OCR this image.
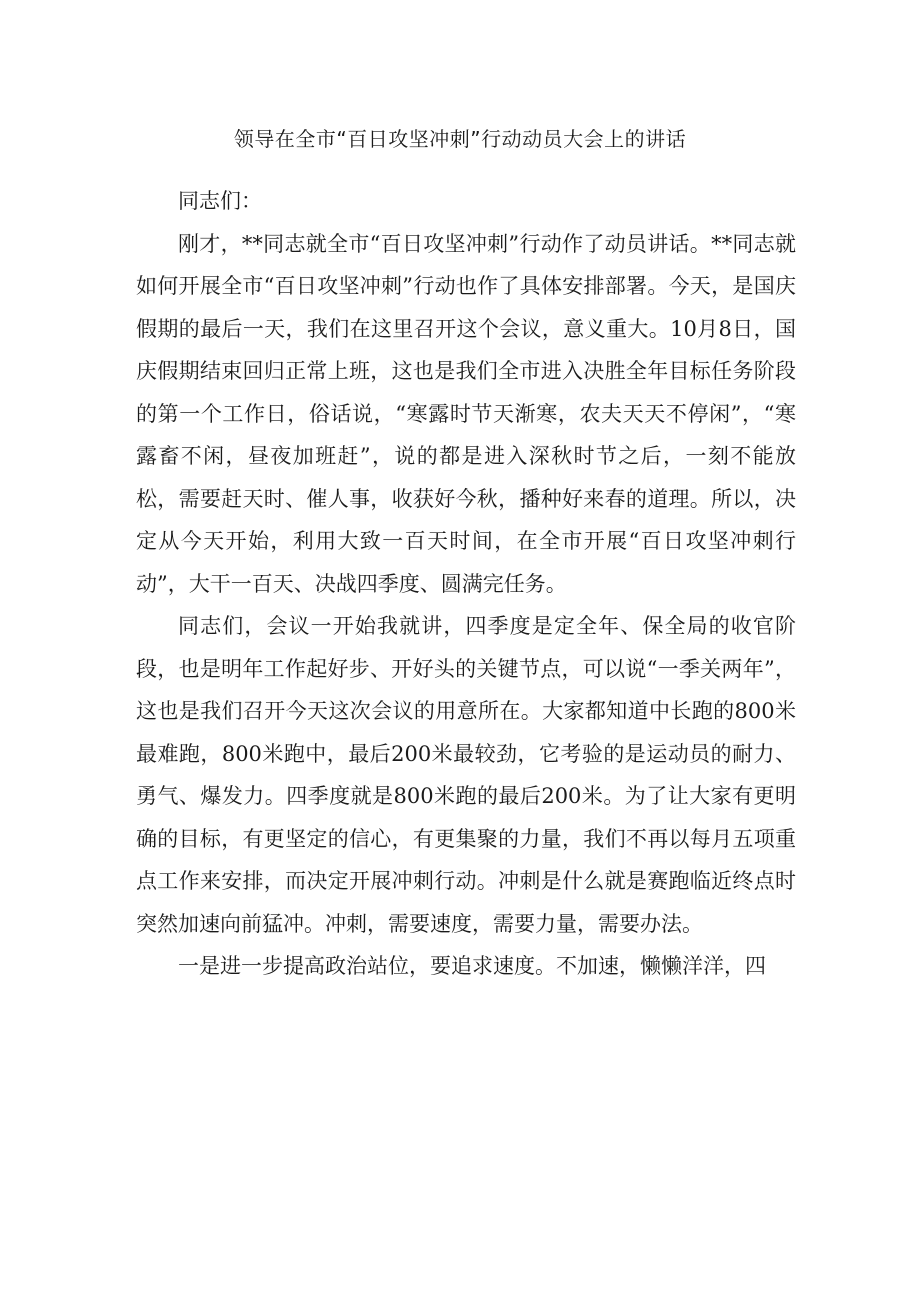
领导在全市“百日攻坚冲刺”行动动员大会上的讲话

同志们：

刚才，**同志就全市“百日攻坚冲刺”行动作了动员讲话。**同志就如何开展全市“百日攻坚冲刺”行动也作了具体安排部署。今天，是国庆假期的最后一天，我们在这里召开这个会议，意义重大。10月8日，国庆假期结束回归正常上班，这也是我们全市进入决胜全年目标任务阶段的第一个工作日，俗话说，“寒露时节天渐寒，农夫天天不停闲”，“寒露畜不闲，昼夜加班赶”，说的都是进入深秋时节之后，一刻不能放松，需要赶天时、催人事，收获好今秋，播种好来春的道理。所以，决定从今天开始，利用大致一百天时间，在全市开展“百日攻坚冲刺行动”，大干一百天、决战四季度、圆满完任务。

同志们，会议一开始我就讲，四季度是定全年、保全局的收官阶段，也是明年工作起好步、开好头的关键节点，可以说“一季关两年”，这也是我们召开今天这次会议的用意所在。大家都知道中长跑的800米最难跑，800米跑中，最后200米最较劲，它考验的是运动员的耐力、勇气、爆发力。四季度就是800米跑的最后200米。为了让大家有更明确的目标，有更坚定的信心，有更集聚的力量，我们不再以每月五项重点工作来安排，而决定开展冲刺行动。冲刺是什么就是赛跑临近终点时突然加速向前猛冲。冲刺，需要速度，需要力量，需要办法。

一是进一步提高政治站位，要追求速度。不加速，懒懒洋洋，四
